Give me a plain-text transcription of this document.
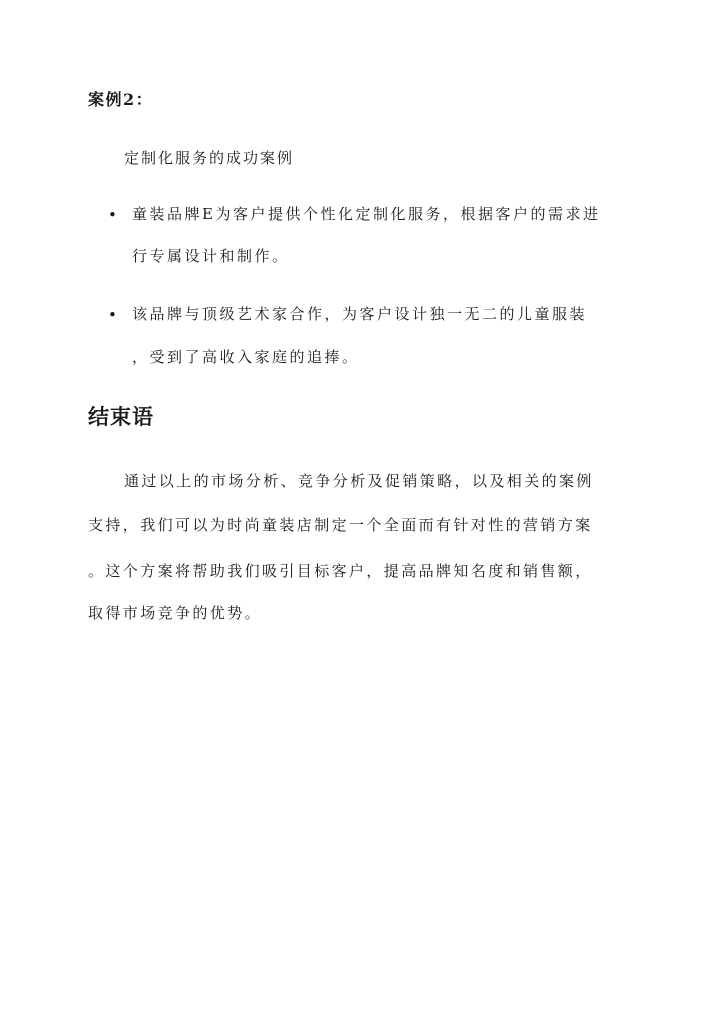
案例2：
定制化服务的成功案例
• 童装品牌E为客户提供个性化定制化服务，根据客户的需求进
行专属设计和制作。
• 该品牌与顶级艺术家合作，为客户设计独一无二的儿童服装
，受到了高收入家庭的追捧。
结束语
通过以上的市场分析、竞争分析及促销策略，以及相关的案例
支持，我们可以为时尚童装店制定一个全面而有针对性的营销方案
。这个方案将帮助我们吸引目标客户，提高品牌知名度和销售额，
取得市场竞争的优势。
